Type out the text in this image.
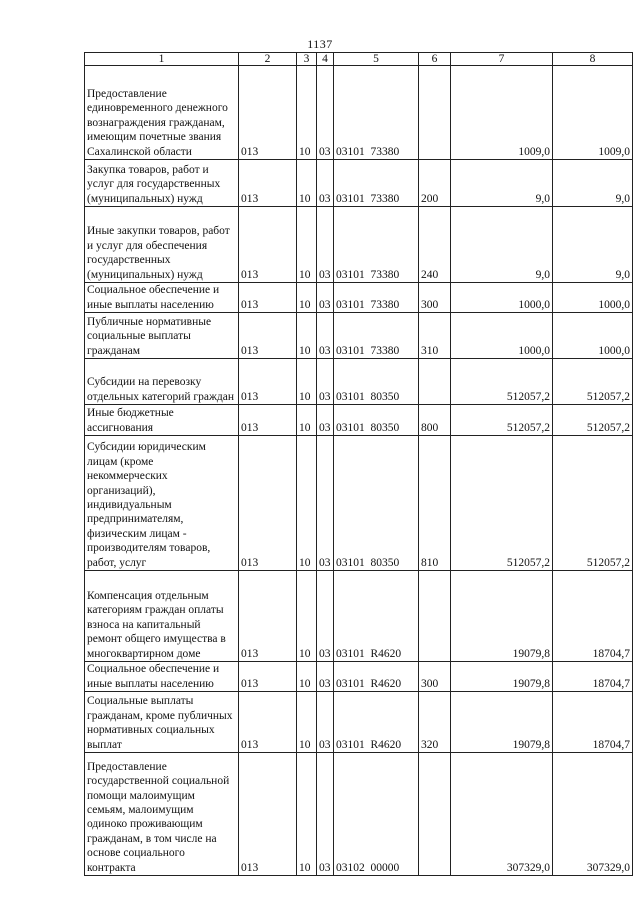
1137
1	2	3	4	5	6	7	8
Предоставление единовременного денежного вознаграждения гражданам, имеющим почетные звания Сахалинской области	013	10	03	03101  73380		1009,0	1009,0
Закупка товаров, работ и услуг для государственных (муниципальных) нужд	013	10	03	03101  73380	200	9,0	9,0
Иные закупки товаров, работ и услуг для обеспечения государственных (муниципальных) нужд	013	10	03	03101  73380	240	9,0	9,0
Социальное обеспечение и иные выплаты населению	013	10	03	03101  73380	300	1000,0	1000,0
Публичные нормативные социальные выплаты гражданам	013	10	03	03101  73380	310	1000,0	1000,0
Субсидии на перевозку отдельных категорий граждан	013	10	03	03101  80350		512057,2	512057,2
Иные бюджетные ассигнования	013	10	03	03101  80350	800	512057,2	512057,2
Субсидии юридическим лицам (кроме некоммерческих организаций), индивидуальным предпринимателям, физическим лицам - производителям товаров, работ, услуг	013	10	03	03101  80350	810	512057,2	512057,2
Компенсация отдельным категориям граждан оплаты взноса на капитальный ремонт общего имущества в многоквартирном доме	013	10	03	03101  R4620		19079,8	18704,7
Социальное обеспечение и иные выплаты населению	013	10	03	03101  R4620	300	19079,8	18704,7
Социальные выплаты гражданам, кроме публичных нормативных социальных выплат	013	10	03	03101  R4620	320	19079,8	18704,7
Предоставление государственной социальной помощи малоимущим семьям, малоимущим одиноко проживающим гражданам, в том числе на основе социального контракта	013	10	03	03102  00000		307329,0	307329,0
